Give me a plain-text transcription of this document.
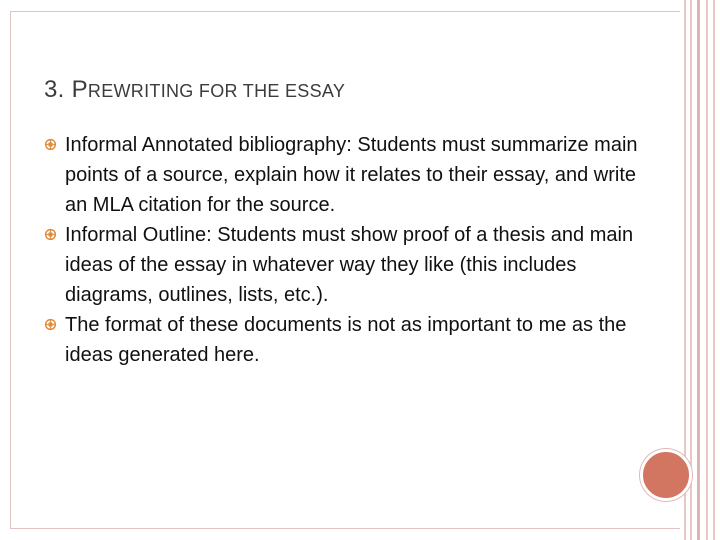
3. PREWRITING FOR THE ESSAY
Informal Annotated bibliography: Students must summarize main points of a source, explain how it relates to their essay, and write an MLA citation for the source.
Informal Outline: Students must show proof of a thesis and main ideas of the essay in whatever way they like (this includes diagrams, outlines, lists, etc.).
The format of these documents is not as important to me as the ideas generated here.
